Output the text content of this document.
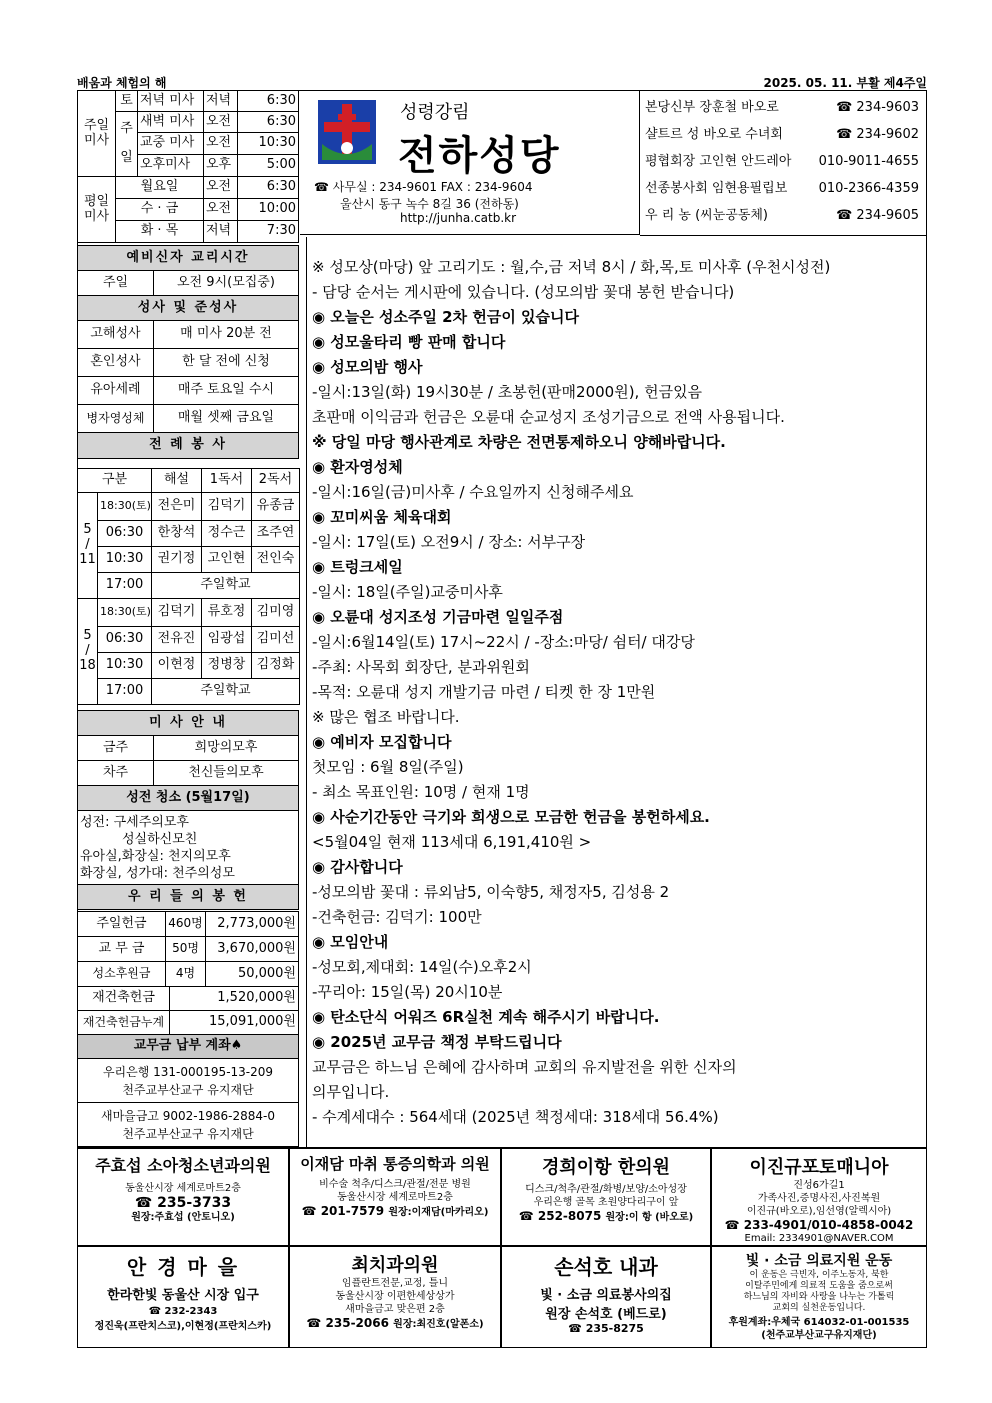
배움과 체험의 해	2025. 05. 11. 부활 제4주일
주일
미사	토	저녁 미사	저녁	6:30
	주

일	새벽 미사	오전	6:30
		교중 미사	오전	10:30
		오후미사	오후	5:00
평일
미사	월요일		오전	6:30
	수 · 금		오전	10:00
	화 · 목		저녁	7:30
성령강림
전하성당
☎ 사무실 : 234-9601 FAX : 234-9604
울산시 동구 녹수 8길 36 (전하동)
http://junha.catb.kr
본당신부 장훈철 바오로	☎ 234-9603
샬트르 성 바오로 수녀회	☎ 234-9602
평협회장 고인현 안드레아 010-9011-4655
선종봉사회 임현용필립보 010-2366-4359
우 리 농 (씨눈공동체)	☎ 234-9605
예비신자 교리시간	
주일	오전 9시(모집중)
성사 및 준성사	
고해성사	매 미사 20분 전
혼인성사	한 달 전에 신청
유아세례	매주 토요일 수시
병자영성체	매월 셋째 금요일
전 례 봉 사	
구분		해설	1독서	2독서
5
/
11	18:30(토)	전은미	김덕기	유종금
	06:30	한창석	정수근	조주연
	10:30	권기정	고인현	전인숙
	17:00	주일학교		
5
/
18	18:30(토)	김덕기	류호정	김미영
	06:30	전유진	임광섭	김미선
	10:30	이현정	정병창	김정화
	17:00	주일학교		
미 사 안 내	
금주	희망의모후
차주	천신들의모후
성전 청소 (5월17일)	

성전: 구세주의모후
성실하신모친
유아실,화장실: 천지의모후
화장실, 성가대: 천주의성모	

우 리 들 의 봉 헌	
주일헌금	460명	2,773,000원
교 무 금	50명	3,670,000원
성소후원금	4명	50,000원
재건축헌금	1,520,000원
재건축헌금누계	15,091,000원
교무금 납부 계좌♠	

우리은행 131-000195-13-209
천주교부산교구 유지재단	

새마을금고 9002-1986-2884-0
천주교부산교구 유지재단	
※ 성모상(마당) 앞 고리기도 : 월,수,금 저녁 8시 / 화,목,토 미사후 (우천시성전)
- 담당 순서는 게시판에 있습니다. (성모의밤 꽃대 봉헌 받습니다)
◉ 오늘은 성소주일 2차 헌금이 있습니다
◉ 성모울타리 빵 판매 합니다
◉ 성모의밤 행사
-일시:13일(화) 19시30분 / 초봉헌(판매2000원), 헌금있음
초판매 이익금과 헌금은 오륜대 순교성지 조성기금으로 전액 사용됩니다.
※ 당일 마당 행사관계로 차량은 전면통제하오니 양해바랍니다.
◉ 환자영성체
-일시:16일(금)미사후 / 수요일까지 신청해주세요
◉ 꼬미씨움 체육대회
-일시: 17일(토) 오전9시 / 장소: 서부구장
◉ 트렁크세일
-일시: 18일(주일)교중미사후
◉ 오륜대 성지조성 기금마련 일일주점
-일시:6월14일(토) 17시~22시 / -장소:마당/ 쉼터/ 대강당
-주최: 사목회 회장단, 분과위원회
-목적: 오륜대 성지 개발기금 마련 / 티켓 한 장 1만원
※ 많은 협조 바랍니다.
◉ 예비자 모집합니다
첫모임 : 6월 8일(주일)
- 최소 목표인원: 10명 / 현재 1명
◉ 사순기간동안 극기와 희생으로 모금한 헌금을 봉헌하세요.
<5월04일 현재 113세대 6,191,410원 >
◉ 감사합니다
-성모의밤 꽃대 : 류외남5, 이숙향5, 채정자5, 김성용 2
-건축헌금: 김덕기: 100만
◉ 모임안내
-성모회,제대회: 14일(수)오후2시
-꾸리아: 15일(목) 20시10분
◉ 탄소단식 어워즈 6R실천 계속 해주시기 바랍니다.
◉ 2025년 교무금 책정 부탁드립니다
교무금은 하느님 은혜에 감사하며 교회의 유지발전을 위한 신자의
의무입니다.
- 수계세대수 : 564세대 (2025년 책정세대: 318세대 56.4%)
주효섭 소아청소년과의원
동울산시장 세계로마트2층
☎ 235-3733
원장:주효섭 (안토니오)
이재담 마취 통증의학과 의원
비수술 척추/디스크/관절/전문 병원
동울산시장 세계로마트2층
☎ 201-7579 원장:이재담(마카리오)
경희이항 한의원
디스크/척추/관절/화병/보양/소아성장
우리은행 골목 초원양다리구이 앞
☎ 252-8075 원장:이 항 (바오로)
이진규포토매니아
진성6가길1
가족사진,증명사진,사진복원
이진규(바오로),임선영(알렉시아)
☎ 233-4901/010-4858-0042
Email: 2334901@NAVER.COM
안 경 마 을
한라한빛 동울산 시장 입구
☎ 232-2343
정진욱(프란치스코),이현정(프란치스카)
최치과의원
임플란트전문,교정, 틀니
동울산시장 이편한세상상가
새마을금고 맞은편 2층
☎ 235-2066 원장:최진호(알폰소)
손석호 내과
빛 · 소금 의료봉사의집
원장 손석호 (베드로)
☎ 235-8275
빛 · 소금 의료지원 운동
이 운동은 극빈자, 이주노동자, 북한
이탈주민에게 의료적 도움을 줌으로써
하느님의 자비와 사랑을 나누는 가톨릭
교회의 실천운동입니다.
후원계좌:우체국 614032-01-001535
(천주교부산교구유지재단)
